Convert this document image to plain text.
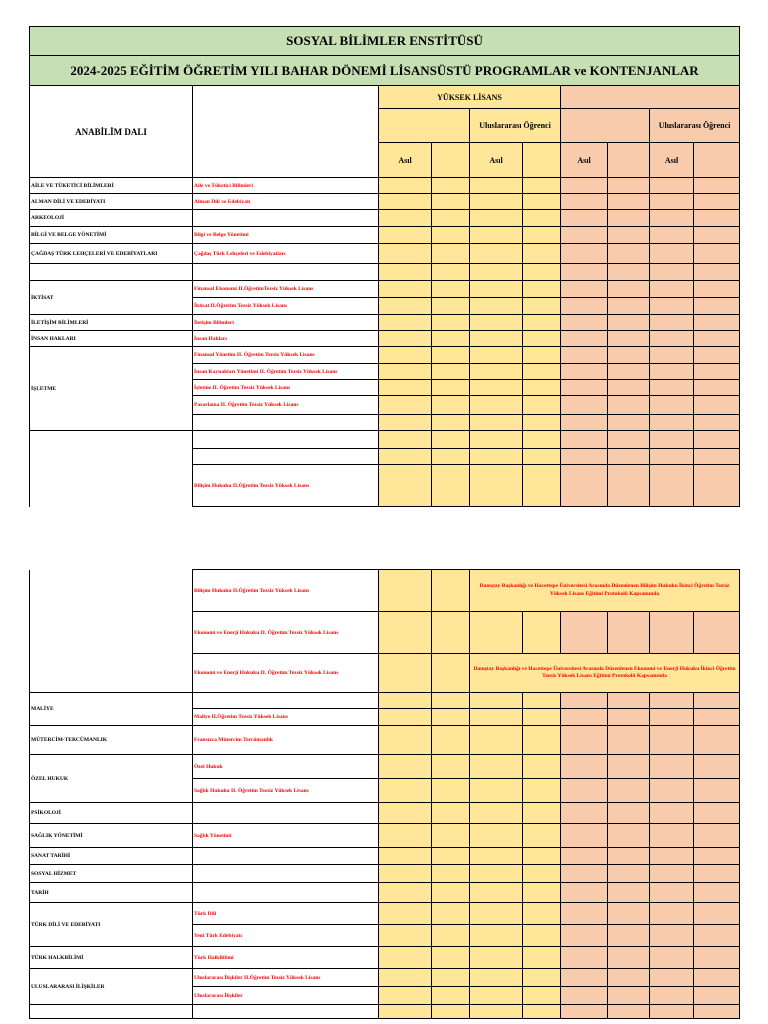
SOSYAL BİLİMLER ENSTİTÜSÜ									
2024-2025 EĞİTİM ÖĞRETİM YILI BAHAR DÖNEMİ LİSANSÜSTÜ PROGRAMLAR ve KONTENJANLAR									
ANABİLİM DALI		YÜKSEK LİSANS							
				Uluslararası Öğrenci				Uluslararası Öğrenci	
		Asıl		Asıl		Asıl		Asıl	
AİLE VE TÜKETİCİ BİLİMLERİ	Aile ve Tüketici Bilimleri								
ALMAN DİLİ VE EDEBİYATI	Alman Dili ve Edebiyatı								
ARKEOLOJİ									
BİLGİ VE BELGE YÖNETİMİ	Bilgi ve Belge Yönetimi								
ÇAĞDAŞ TÜRK LEHÇELERİ VE EDEBİYATLARI	Çağdaş Türk Lehçeleri ve Edebiyatları								

İKTİSAT	Finansal Ekonomi II.ÖğretimTezsiz Yüksek Lisans								
	İktisat II.Öğretim Tezsiz Yüksek Lisans								
İLETİŞİM BİLİMLERİ	İletişim Bilimleri								
İNSAN HAKLARI	İnsan Hakları								
İŞLETME	Finansal Yönetim II. Öğretim Tezsiz Yüksek Lisans								
	İnsan Kaynakları Yönetimi II. Öğretim Tezsiz Yüksek Lisans								
	İşletme II. Öğretim Tezsiz Yüksek Lisans								
	Pazarlama II. Öğretim Tezsiz Yüksek Lisans								

	Bilişim Hukuku II.Öğretim Tezsiz Yüksek Lisans								
	Bilişim Hukuku II.Öğretim Tezsiz Yüksek Lisans			Danıştay Başkanlığı ve Hacettepe Üniversitesi Arasında Düzenlenen Bilişim Hukuku İkinci Öğretim Tezsiz Yüksek Lisans Eğitimi Protokolü Kapsamında					
	Ekonomi ve Enerji Hukuku II. Öğretim Tezsiz Yüksek Lisans								
	Ekonomi ve Enerji Hukuku II. Öğretim Tezsiz Yüksek Lisans			Danıştay Başkanlığı ve Hacettepe Üniversitesi Arasında Düzenlenen Ekonomi ve Enerji Hukuku İkinci Öğretim Tezsiz Yüksek Lisans Eğitimi Protokolü Kapsamında					
MALİYE									
	Maliye II.Öğretim Tezsiz Yüksek Lisans								
MÜTERCİM-TERCÜMANLIK	Fransızca Mütercim Tercümanlık								
ÖZEL HUKUK	Özel Hukuk								
	Sağlık Hukuku II. Öğretim Tezsiz Yüksek Lisans								
PSİKOLOJİ									
SAĞLIK YÖNETİMİ	Sağlık Yönetimi								
SANAT TARİHİ									
SOSYAL HİZMET									
TARİH									
TÜRK DİLİ VE EDEBİYATI	Türk Dili								
	Yeni Türk Edebiyatı								
TÜRK HALKBİLİMİ	Türk HalkBilimi								
ULUSLARARASI İLİŞKİLER	Uluslararası İlişkiler II.Öğretim Tezsiz Yüksek Lisans								
	Uluslararası İlişkiler								
